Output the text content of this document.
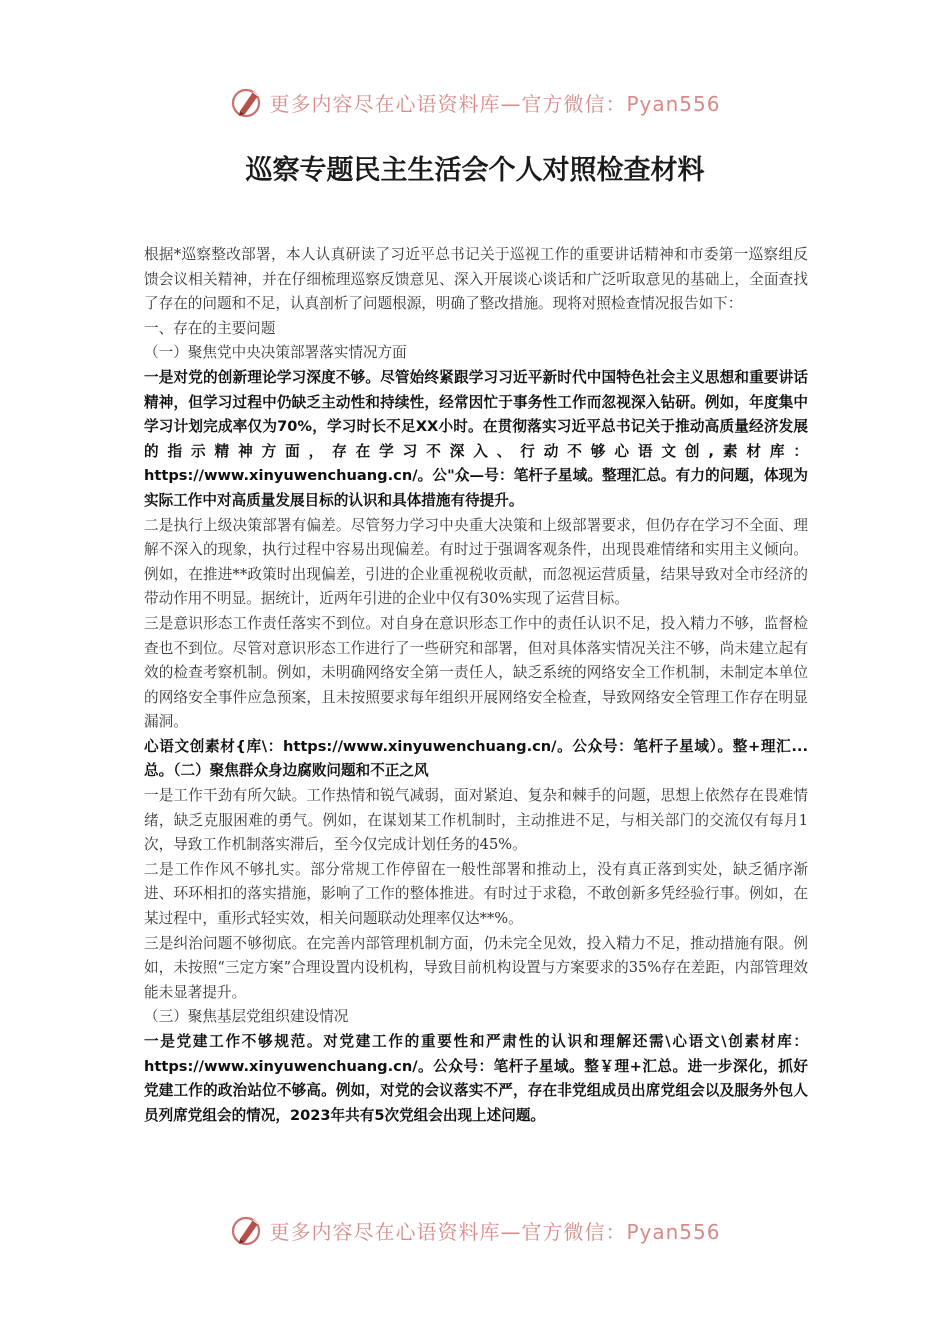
更多内容尽在心语资料库—官方微信：Pyan556
巡察专题民主生活会个人对照检查材料

根据*巡察整改部署，本人认真研读了习近平总书记关于巡视工作的重要讲话精神和市委第一巡察组反馈会议相关精神，并在仔细梳理巡察反馈意见、深入开展谈心谈话和广泛听取意见的基础上，全面查找了存在的问题和不足，认真剖析了问题根源，明确了整改措施。现将对照检查情况报告如下：

一、存在的主要问题

（一）聚焦党中央决策部署落实情况方面

一是对党的创新理论学习深度不够。尽管始终紧跟学习习近平新时代中国特色社会主义思想和重要讲话精神，但学习过程中仍缺乏主动性和持续性，经常因忙于事务性工作而忽视深入钻研。例如，年度集中学习计划完成率仅为70%，学习时长不足XX小时。在贯彻落实习近平总书记关于推动高质量经济发展的指示精神方面，存在学习不深入、行动不够心语文创,素材库：https://www.xinyuwenchuang.cn/。公"众—号：笔杆子星域。整理汇总。有力的问题，体现为实际工作中对高质量发展目标的认识和具体措施有待提升。

二是执行上级决策部署有偏差。尽管努力学习中央重大决策和上级部署要求，但仍存在学习不全面、理解不深入的现象，执行过程中容易出现偏差。有时过于强调客观条件，出现畏难情绪和实用主义倾向。例如，在推进**政策时出现偏差，引进的企业重视税收贡献，而忽视运营质量，结果导致对全市经济的带动作用不明显。据统计，近两年引进的企业中仅有30%实现了运营目标。

三是意识形态工作责任落实不到位。对自身在意识形态工作中的责任认识不足，投入精力不够，监督检查也不到位。尽管对意识形态工作进行了一些研究和部署，但对具体落实情况关注不够，尚未建立起有效的检查考察机制。例如，未明确网络安全第一责任人，缺乏系统的网络安全工作机制，未制定本单位的网络安全事件应急预案，且未按照要求每年组织开展网络安全检查，导致网络安全管理工作存在明显漏洞。

心语文创素材{库\：https://www.xinyuwenchuang.cn/。公众号：笔杆子星域）。整+理汇...总。（二）聚焦群众身边腐败问题和不正之风

一是工作干劲有所欠缺。工作热情和锐气减弱，面对紧迫、复杂和棘手的问题，思想上依然存在畏难情绪，缺乏克服困难的勇气。例如，在谋划某工作机制时，主动推进不足，与相关部门的交流仅有每月1次，导致工作机制落实滞后，至今仅完成计划任务的45%。

二是工作作风不够扎实。部分常规工作停留在一般性部署和推动上，没有真正落到实处，缺乏循序渐进、环环相扣的落实措施，影响了工作的整体推进。有时过于求稳，不敢创新多凭经验行事。例如，在某过程中，重形式轻实效，相关问题联动处理率仅达**%。

三是纠治问题不够彻底。在完善内部管理机制方面，仍未完全见效，投入精力不足，推动措施有限。例如，未按照“三定方案”合理设置内设机构，导致目前机构设置与方案要求的35%存在差距，内部管理效能未显著提升。

（三）聚焦基层党组织建设情况

一是党建工作不够规范。对党建工作的重要性和严肃性的认识和理解还需\心语文\创素材库：https://www.xinyuwenchuang.cn/。公众号：笔杆子星域。整￥理+汇总。进一步深化，抓好党建工作的政治站位不够高。例如，对党的会议落实不严，存在非党组成员出席党组会以及服务外包人员列席党组会的情况，2023年共有5次党组会出现上述问题。

更多内容尽在心语资料库—官方微信：Pyan556
